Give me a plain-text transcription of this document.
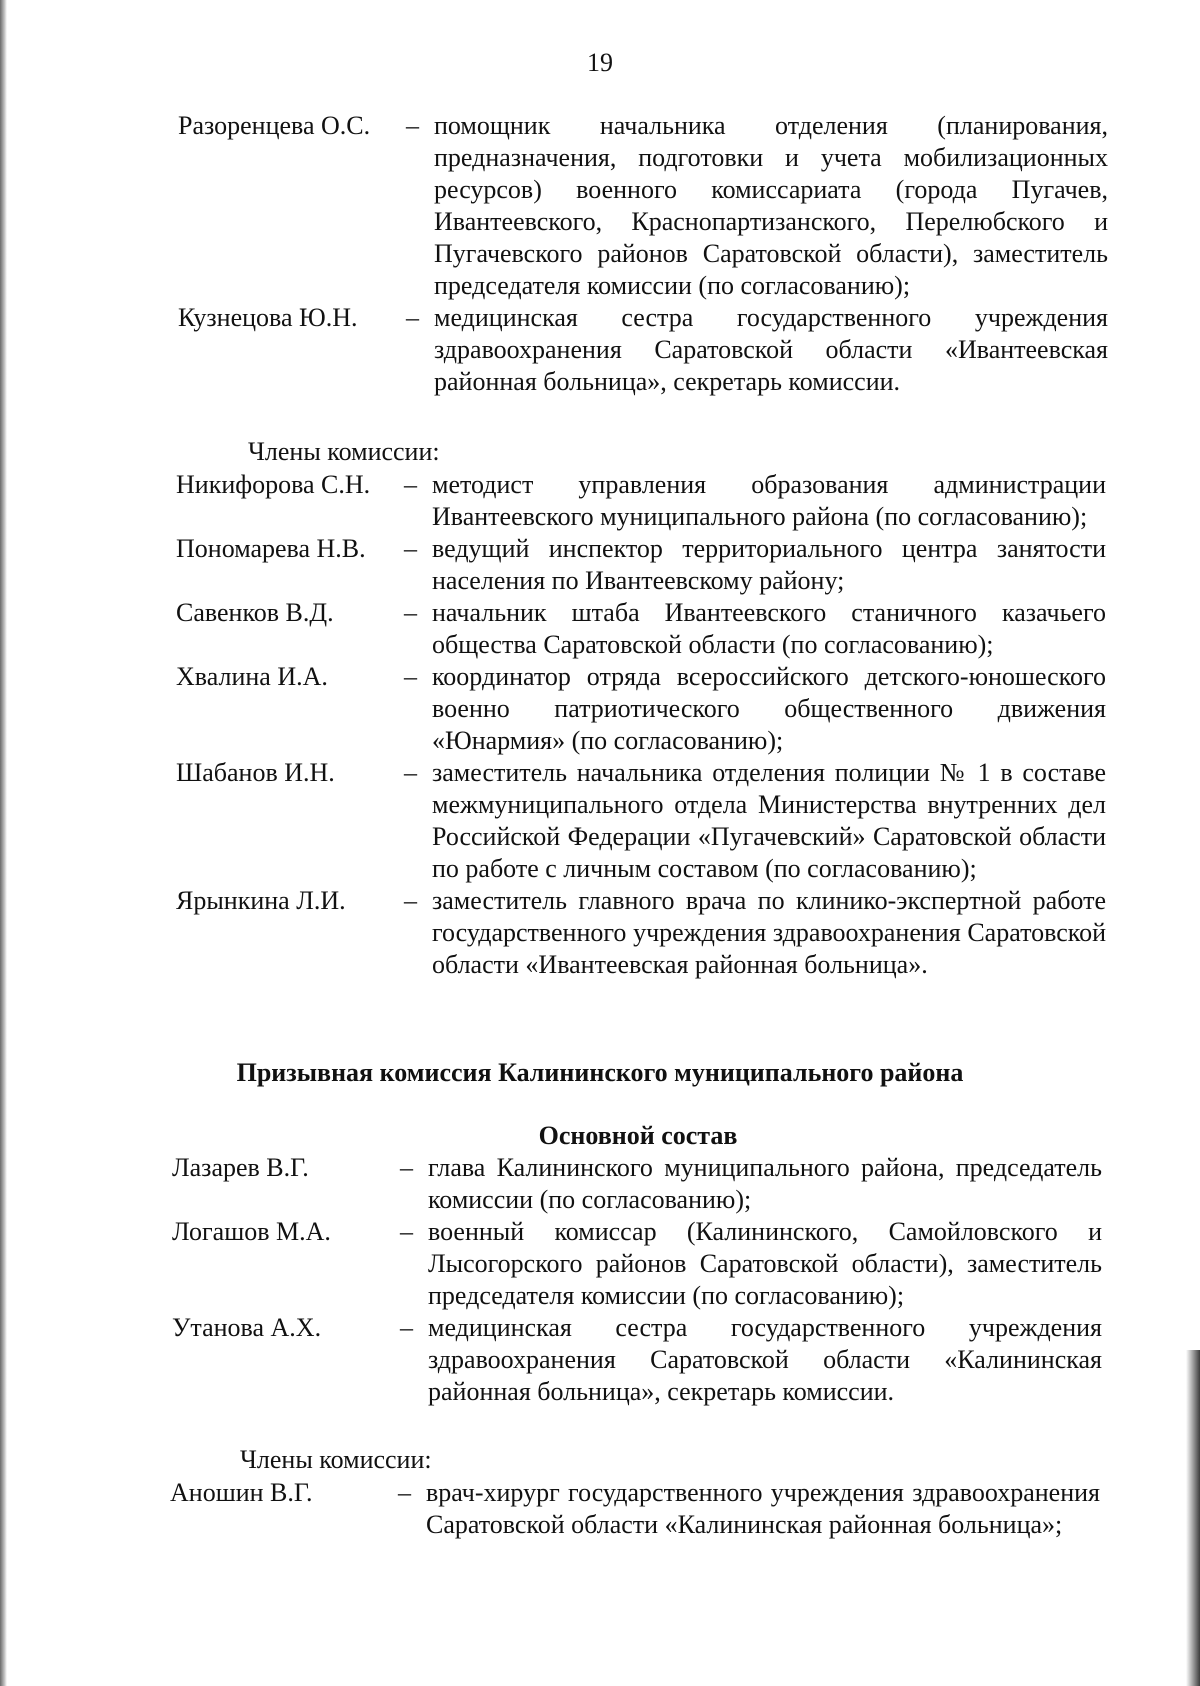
19
Разоренцева О.С. – помощник начальника отделения (планирования, предназначения, подготовки и учета мобилизационных ресурсов) военного комиссариата (города Пугачев, Ивантеевского, Краснопартизанского, Перелюбского и Пугачевского районов Саратовской области), заместитель председателя комиссии (по согласованию);
Кузнецова Ю.Н. – медицинская сестра государственного учреждения здравоохранения Саратовской области «Ивантеевская районная больница», секретарь комиссии.
Члены комиссии:
Никифорова С.Н. – методист управления образования администрации Ивантеевского муниципального района (по согласованию);
Пономарева Н.В. – ведущий инспектор территориального центра занятости населения по Ивантеевскому району;
Савенков В.Д.	– начальник штаба Ивантеевского станичного казачьего общества Саратовской области (по согласованию);
Хвалина И.А.	– координатор отряда всероссийского детского-юношеского военно патриотического общественного движения «Юнармия» (по согласованию);
Шабанов И.Н.	– заместитель начальника отделения полиции № 1 в составе межмуниципального отдела Министерства внутренних дел Российской Федерации «Пугачевский» Саратовской области по работе с личным составом (по согласованию);
Ярынкина Л.И. – заместитель главного врача по клинико-экспертной работе государственного учреждения здравоохранения Саратовской области «Ивантеевская районная больница».
Призывная комиссия Калининского муниципального района
Основной состав
Лазарев В.Г.	– глава Калининского муниципального района, председатель комиссии (по согласованию);
Логашов М.А.	– военный комиссар (Калининского, Самойловского и Лысогорского районов Саратовской области), заместитель председателя комиссии (по согласованию);
Утанова А.Х.	– медицинская сестра государственного учреждения здравоохранения Саратовской области «Калининская районная больница», секретарь комиссии.
Члены комиссии:
Аношин В.Г.	– врач-хирург государственного учреждения здравоохранения Саратовской области «Калининская районная больница»;
